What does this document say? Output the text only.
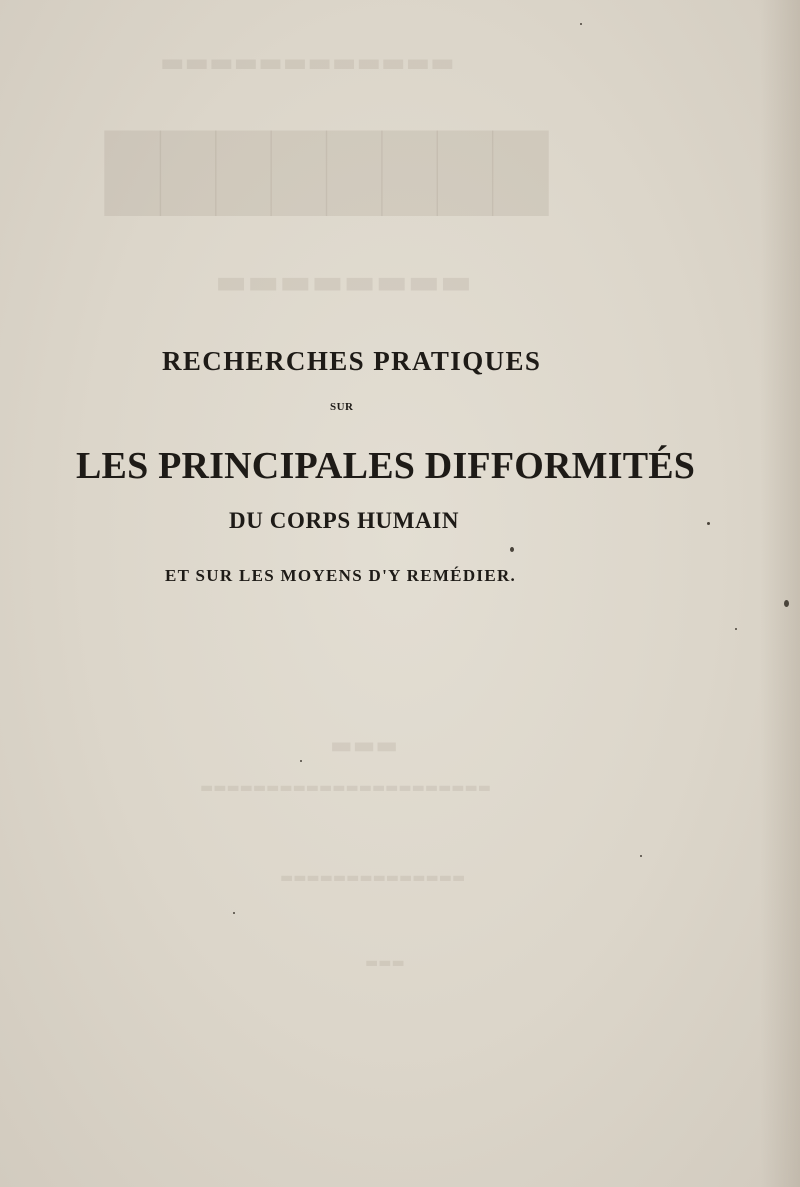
▬▬▬▬▬▬▬▬▬▬▬▬
████████
▬▬▬▬▬▬▬▬
▬▬▬
▬▬▬▬▬▬▬▬▬▬▬▬▬▬▬▬▬▬▬▬▬▬
▬▬▬▬▬▬▬▬▬▬▬▬▬▬
▬▬▬
RECHERCHES PRATIQUES
SUR
LES PRINCIPALES DIFFORMITÉS
DU CORPS HUMAIN
ET SUR LES MOYENS D'Y REMÉDIER.
